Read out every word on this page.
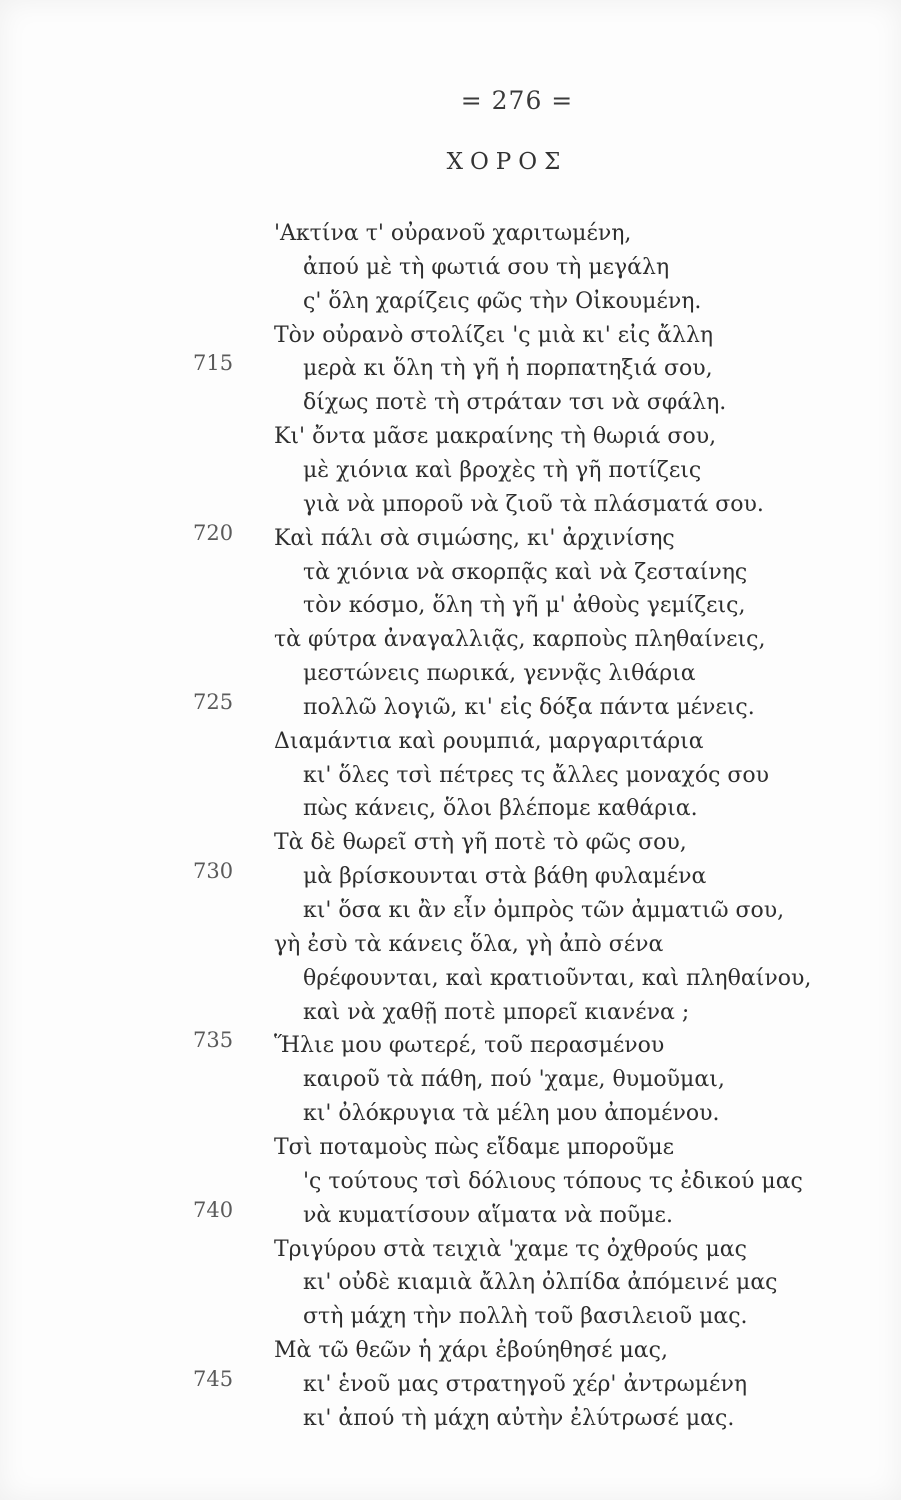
= 276 =
ΧΟΡΟΣ
'Ακτίνα τ' οὐρανοῦ χαριτωμένη,
ἀπού μὲ τὴ φωτιά σου τὴ μεγάλη
ς' ὅλη χαρίζεις φῶς τὴν Οἰκουμένη.
Τὸν οὐρανὸ στολίζει 'ς μιὰ κι' εἰς ἄλλη
715	μερὰ κι ὅλη τὴ γῆ ἡ πορπατηξιά σου,
δίχως ποτὲ τὴ στράταν τσι νὰ σφάλη.
Κι' ὄντα μᾶσε μακραίνης τὴ θωριά σου,
μὲ χιόνια καὶ βροχὲς τὴ γῆ ποτίζεις
γιὰ νὰ μποροῦ νὰ ζιοῦ τὰ πλάσματά σου.
720 Καὶ πάλι σὰ σιμώσης, κι' ἀρχινίσης
τὰ χιόνια νὰ σκορπᾷς καὶ νὰ ζεσταίνης
τὸν κόσμο, ὅλη τὴ γῆ μ' ἀθοὺς γεμίζεις,
τὰ φύτρα ἀναγαλλιᾷς, καρποὺς πληθαίνεις,
μεστώνεις πωρικά, γεννᾷς λιθάρια
725	πολλῶ λογιῶ, κι' εἰς δόξα πάντα μένεις.
Διαμάντια καὶ ρουμπιά, μαργαριτάρια
κι' ὅλες τσὶ πέτρες τς ἄλλες μοναχός σου
πὼς κάνεις, ὅλοι βλέπομε καθάρια.
Τὰ δὲ θωρεῖ στὴ γῆ ποτὲ τὸ φῶς σου,
730	μὰ βρίσκουνται στὰ βάθη φυλαμένα
κι' ὅσα κι ἂν εἶν ὀμπρὸς τῶν ἀμματιῶ σου,
γὴ ἐσὺ τὰ κάνεις ὅλα, γὴ ἀπὸ σένα
θρέφουνται, καὶ κρατιοῦνται, καὶ πληθαίνου,
καὶ νὰ χαθῇ ποτὲ μπορεῖ κιανένα ;
735 Ἥλιε μου φωτερέ, τοῦ περασμένου
καιροῦ τὰ πάθη, πού 'χαμε, θυμοῦμαι,
κι' ὀλόκρυγια τὰ μέλη μου ἀπομένου.
Τσὶ ποταμοὺς πὼς εἴδαμε μποροῦμε
'ς τούτους τσὶ δόλιους τόπους τς ἐδικού μας
740	νὰ κυματίσουν αἵματα νὰ ποῦμε.
Τριγύρου στὰ τειχιὰ 'χαμε τς ὀχθρούς μας
κι' οὐδὲ κιαμιὰ ἄλλη ὀλπίδα ἀπόμεινέ μας
στὴ μάχη τὴν πολλὴ τοῦ βασιλειοῦ μας.
Μὰ τῶ θεῶν ἡ χάρι ἐβούηθησέ μας,
745	κι' ἑνοῦ μας στρατηγοῦ χέρ' ἀντρωμένη
κι' ἀπού τὴ μάχη αὐτὴν ἐλύτρωσέ μας.
